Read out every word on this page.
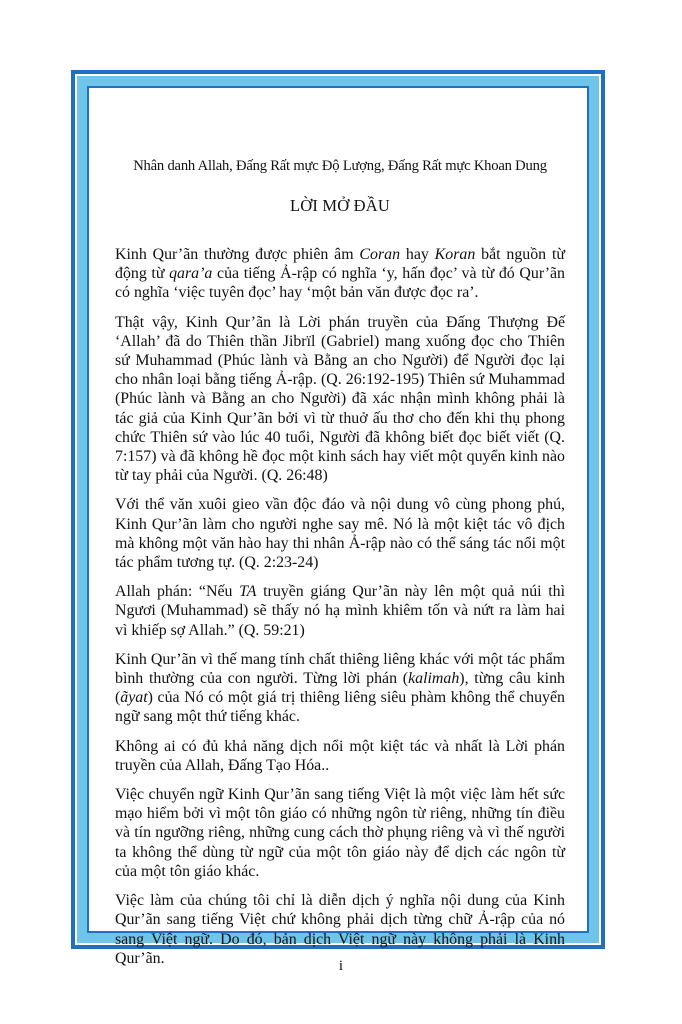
Nhân danh Allah, Đấng Rất mực Độ Lượng, Đấng Rất mực Khoan Dung

LỜI MỞ ĐẦU

Kinh Qur’ãn thường được phiên âm Coran hay Koran bắt nguồn từ động từ qara’a của tiếng Ả-rập có nghĩa ‘y, hấn đọc’ và từ đó Qur’ãn có nghĩa ‘việc tuyên đọc’ hay ‘một bản văn được đọc ra’.

Thật vậy, Kinh Qur’ãn là Lời phán truyền của Đấng Thượng Đế ‘Allah’ đã do Thiên thần Jibrïl (Gabriel) mang xuống đọc cho Thiên sứ Muhammad (Phúc lành và Bằng an cho Người) để Người đọc lại cho nhân loại bằng tiếng Ả-rập. (Q. 26:192-195) Thiên sứ Muhammad (Phúc lành và Bằng an cho Người) đã xác nhận mình không phải là tác giả của Kinh Qur’ãn bởi vì từ thuở ấu thơ cho đến khi thụ phong chức Thiên sứ vào lúc 40 tuổi, Người đã không biết đọc biết viết (Q. 7:157) và đã không hề đọc một kinh sách hay viết một quyển kinh nào từ tay phải của Người. (Q. 26:48)

Với thể văn xuôi gieo vần độc đáo và nội dung vô cùng phong phú, Kinh Qur’ãn làm cho người nghe say mê. Nó là một kiệt tác vô địch mà không một văn hào hay thi nhân Ả-rập nào có thể sáng tác nổi một tác phẩm tương tự. (Q. 2:23-24)

Allah phán: “Nếu TA truyền giáng Qur’ãn này lên một quả núi thì Ngươi (Muhammad) sẽ thấy nó hạ mình khiêm tốn và nứt ra làm hai vì khiếp sợ Allah.” (Q. 59:21)

Kinh Qur’ãn vì thế mang tính chất thiêng liêng khác với một tác phẩm bình thường của con người. Từng lời phán (kalimah), từng câu kinh (ãyat) của Nó có một giá trị thiêng liêng siêu phàm không thể chuyển ngữ sang một thứ tiếng khác.

Không ai có đủ khả năng dịch nổi một kiệt tác và nhất là Lời phán truyền của Allah, Đấng Tạo Hóa..

Việc chuyển ngữ Kinh Qur’ãn sang tiếng Việt là một việc làm hết sức mạo hiểm bởi vì một tôn giáo có những ngôn từ riêng, những tín điều và tín ngưỡng riêng, những cung cách thờ phụng riêng và vì thế người ta không thể dùng từ ngữ của một tôn giáo này để dịch các ngôn từ của một tôn giáo khác.

Việc làm của chúng tôi chỉ là diễn dịch ý nghĩa nội dung của Kinh Qur’ãn sang tiếng Việt chứ không phải dịch từng chữ Ả-rập của nó sang Việt ngữ. Do đó, bản dịch Việt ngữ này không phải là Kinh Qur’ãn.	i
